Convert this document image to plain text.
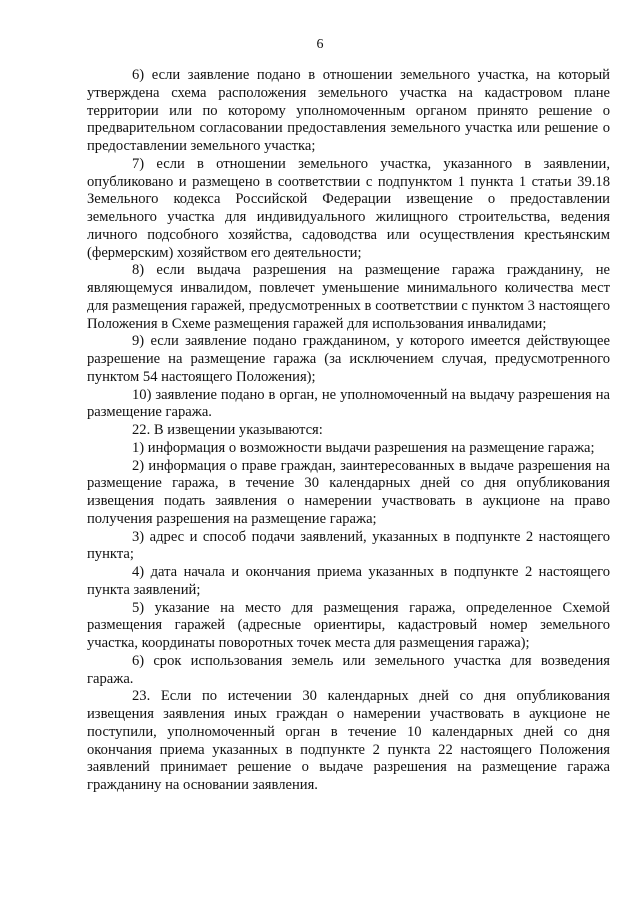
6

6) если заявление подано в отношении земельного участка, на который утверждена схема расположения земельного участка на кадастровом плане территории или по которому уполномоченным органом принято решение о предварительном согласовании предоставления земельного участка или решение о предоставлении земельного участка;

7) если в отношении земельного участка, указанного в заявлении, опубликовано и размещено в соответствии с подпунктом 1 пункта 1 статьи 39.18 Земельного кодекса Российской Федерации извещение о предоставлении земельного участка для индивидуального жилищного строительства, ведения личного подсобного хозяйства, садоводства или осуществления крестьянским (фермерским) хозяйством его деятельности;

8) если выдача разрешения на размещение гаража гражданину, не являющемуся инвалидом, повлечет уменьшение минимального количества мест для размещения гаражей, предусмотренных в соответствии с пунктом 3 настоящего Положения в Схеме размещения гаражей для использования инвалидами;

9) если заявление подано гражданином, у которого имеется действующее разрешение на размещение гаража (за исключением случая, предусмотренного пунктом 54 настоящего Положения);

10) заявление подано в орган, не уполномоченный на выдачу разрешения на размещение гаража.

22. В извещении указываются:

1) информация о возможности выдачи разрешения на размещение гаража;

2) информация о праве граждан, заинтересованных в выдаче разрешения на размещение гаража, в течение 30 календарных дней со дня опубликования извещения подать заявления о намерении участвовать в аукционе на право получения разрешения на размещение гаража;

3) адрес и способ подачи заявлений, указанных в подпункте 2 настоящего пункта;

4) дата начала и окончания приема указанных в подпункте 2 настоящего пункта заявлений;

5) указание на место для размещения гаража, определенное Схемой размещения гаражей (адресные ориентиры, кадастровый номер земельного участка, координаты поворотных точек места для размещения гаража);

6) срок использования земель или земельного участка для возведения гаража.

23. Если по истечении 30 календарных дней со дня опубликования извещения заявления иных граждан о намерении участвовать в аукционе не поступили, уполномоченный орган в течение 10 календарных дней со дня окончания приема указанных в подпункте 2 пункта 22 настоящего Положения заявлений принимает решение о выдаче разрешения на размещение гаража гражданину на основании заявления.
